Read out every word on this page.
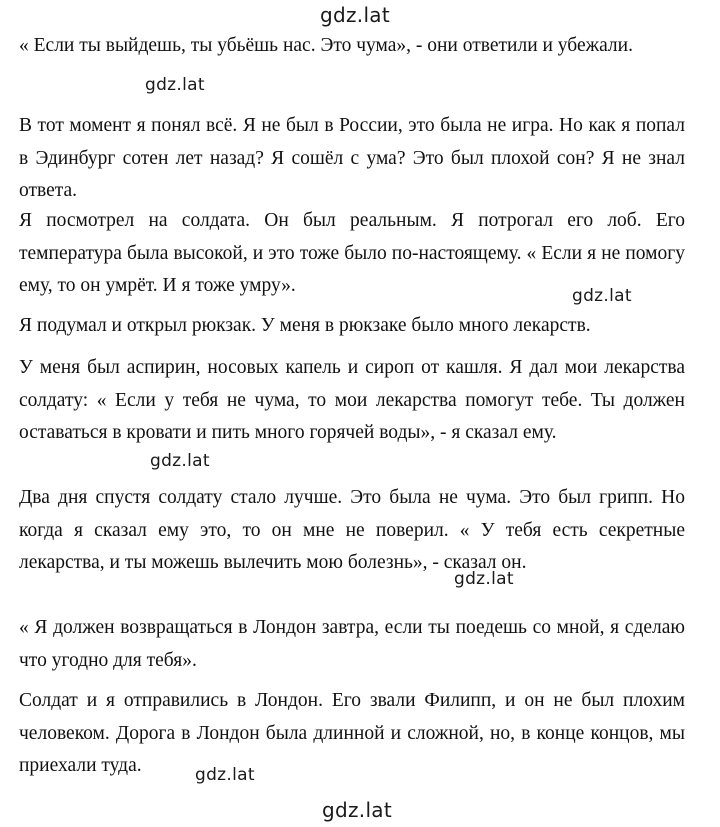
« Если ты выйдешь, ты убьёшь нас. Это чума», - они ответили и убежали.

В тот момент я понял всё. Я не был в России, это была не игра. Но как я попал в Эдинбург сотен лет назад? Я сошёл с ума? Это был плохой сон? Я не знал ответа.

Я посмотрел на солдата. Он был реальным. Я потрогал его лоб. Его температура была высокой, и это тоже было по-настоящему. « Если я не помогу ему, то он умрёт. И я тоже умру».

Я подумал и открыл рюкзак. У меня в рюкзаке было много лекарств.

У меня был аспирин, носовых капель и сироп от кашля. Я дал мои лекарства солдату: « Если у тебя не чума, то мои лекарства помогут тебе. Ты должен оставаться в кровати и пить много горячей воды», - я сказал ему.

Два дня спустя солдату стало лучше. Это была не чума. Это был грипп. Но когда я сказал ему это, то он мне не поверил. « У тебя есть секретные лекарства, и ты можешь вылечить мою болезнь», - сказал он.

« Я должен возвращаться в Лондон завтра, если ты поедешь со мной, я сделаю что угодно для тебя».

Солдат и я отправились в Лондон. Его звали Филипп, и он не был плохим человеком. Дорога в Лондон была длинной и сложной, но, в конце концов, мы приехали туда.

gdz.lat
gdz.lat
gdz.lat
gdz.lat
gdz.lat
gdz.lat
gdz.lat
